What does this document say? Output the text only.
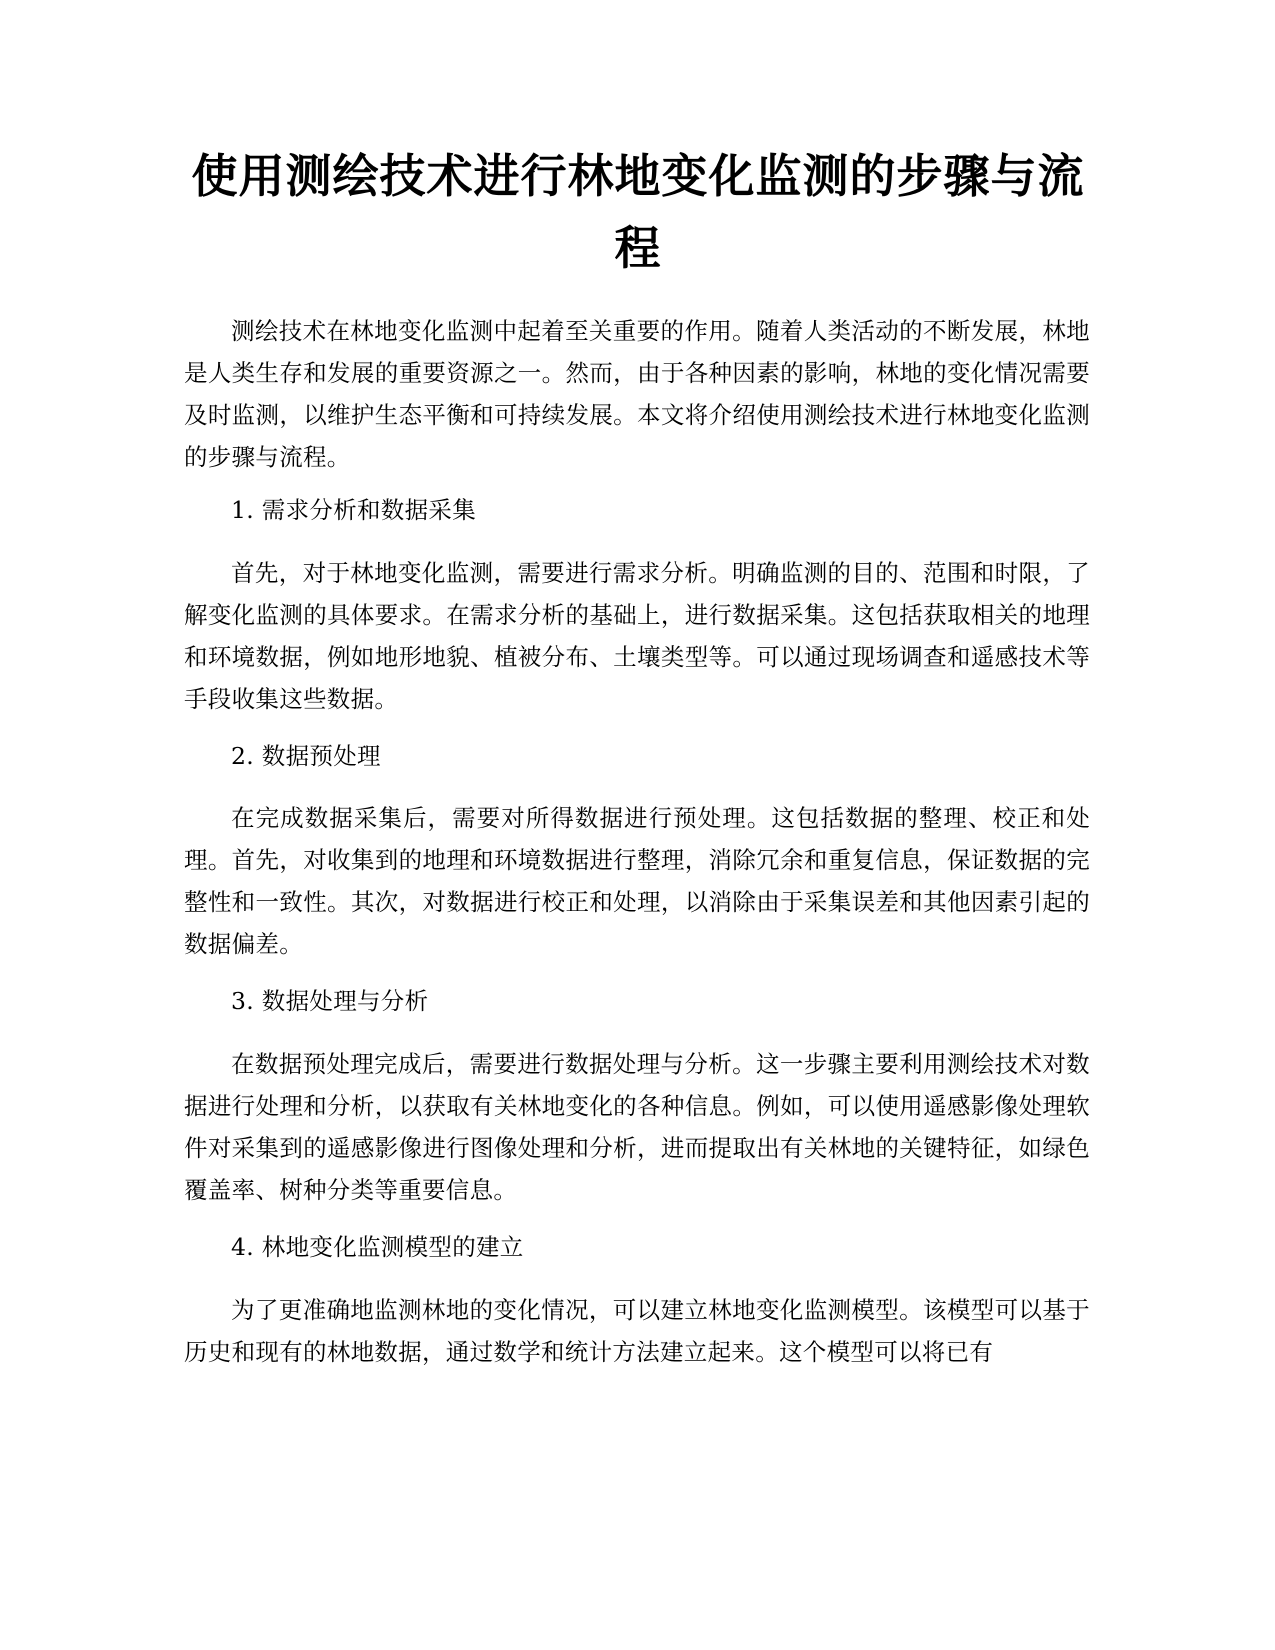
使用测绘技术进行林地变化监测的步骤与流程

测绘技术在林地变化监测中起着至关重要的作用。随着人类活动的不断发展，林地是人类生存和发展的重要资源之一。然而，由于各种因素的影响，林地的变化情况需要及时监测，以维护生态平衡和可持续发展。本文将介绍使用测绘技术进行林地变化监测的步骤与流程。

1. 需求分析和数据采集

首先，对于林地变化监测，需要进行需求分析。明确监测的目的、范围和时限，了解变化监测的具体要求。在需求分析的基础上，进行数据采集。这包括获取相关的地理和环境数据，例如地形地貌、植被分布、土壤类型等。可以通过现场调查和遥感技术等手段收集这些数据。

2. 数据预处理

在完成数据采集后，需要对所得数据进行预处理。这包括数据的整理、校正和处理。首先，对收集到的地理和环境数据进行整理，消除冗余和重复信息，保证数据的完整性和一致性。其次，对数据进行校正和处理，以消除由于采集误差和其他因素引起的数据偏差。

3. 数据处理与分析

在数据预处理完成后，需要进行数据处理与分析。这一步骤主要利用测绘技术对数据进行处理和分析，以获取有关林地变化的各种信息。例如，可以使用遥感影像处理软件对采集到的遥感影像进行图像处理和分析，进而提取出有关林地的关键特征，如绿色覆盖率、树种分类等重要信息。

4. 林地变化监测模型的建立

为了更准确地监测林地的变化情况，可以建立林地变化监测模型。该模型可以基于历史和现有的林地数据，通过数学和统计方法建立起来。这个模型可以将已有
